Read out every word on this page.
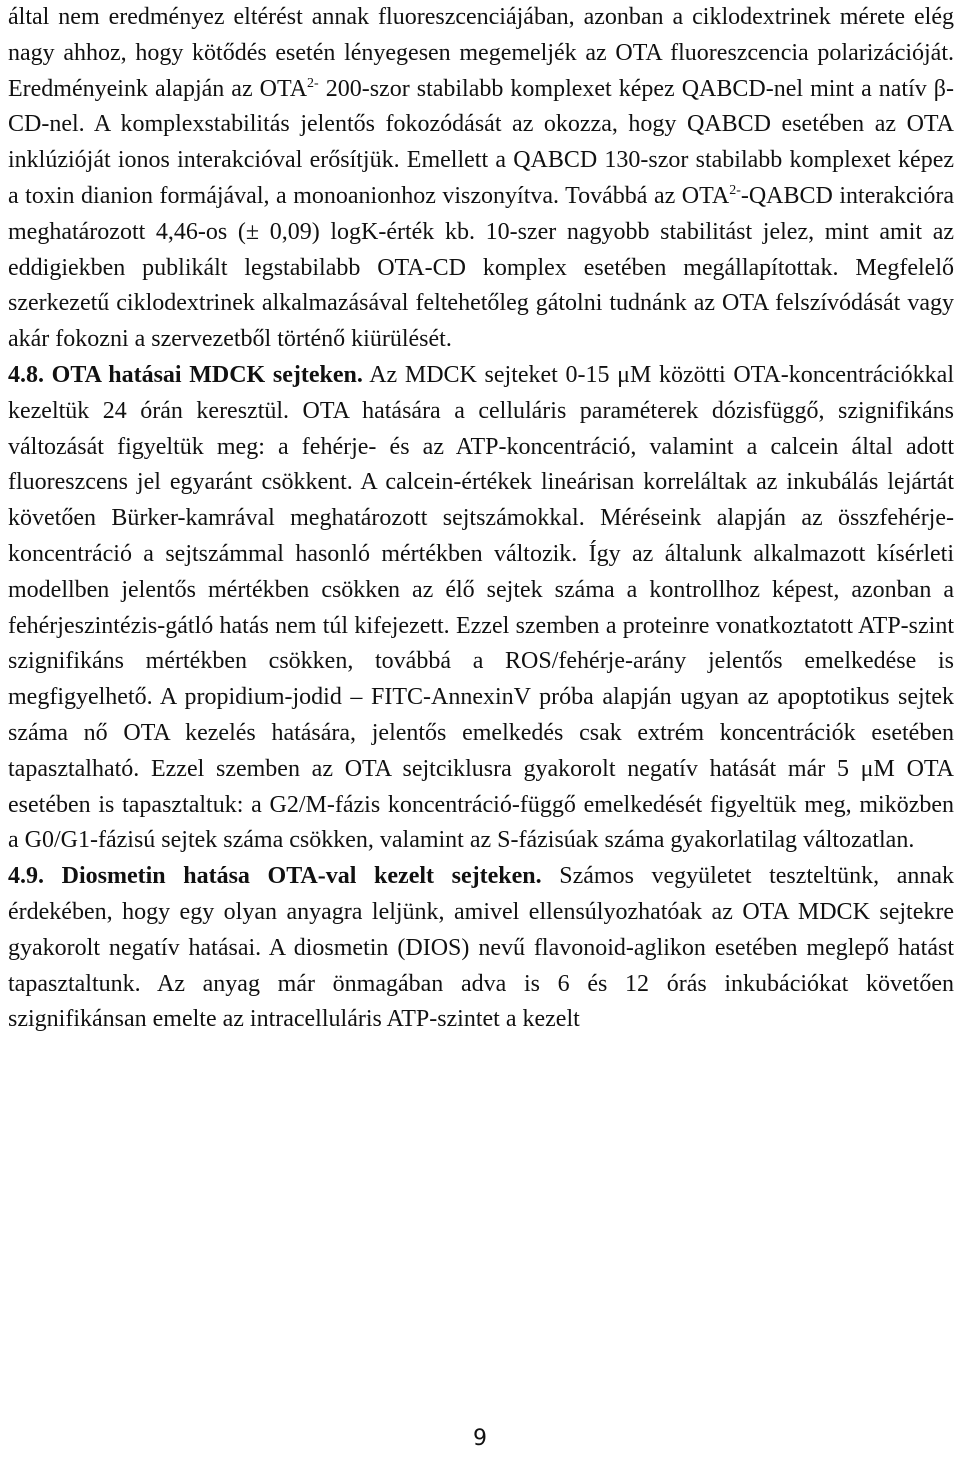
által nem eredményez eltérést annak fluoreszcenciájában, azonban a ciklodextrinek mérete elég nagy ahhoz, hogy kötődés esetén lényegesen megemeljék az OTA fluoreszcencia polarizációját. Eredményeink alapján az $OTA^{2-}$ 200-szor stabilabb komplexet képez QABCD-nel mint a natív β-CD-nel. A komplexstabilitás jelentős fokozódását az okozza, hogy QABCD esetében az OTA inklúzióját ionos interakcióval erősítjük. Emellett a QABCD 130-szor stabilabb komplexet képez a toxin dianion formájával, a monoanionhoz viszonyítva. Továbbá az $OTA^{2-}$-QABCD interakcióra meghatározott 4,46-os (± 0,09) logK-érték kb. 10-szer nagyobb stabilitást jelez, mint amit az eddigiekben publikált legstabilabb OTA-CD komplex esetében megállapítottak. Megfelelő szerkezetű ciklodextrinek alkalmazásával feltehetőleg gátolni tudnánk az OTA felszívódását vagy akár fokozni a szervezetből történő kiürülését.

4.8. OTA hatásai MDCK sejteken. Az MDCK sejteket 0-15 μM közötti OTA-koncentrációkkal kezeltük 24 órán keresztül. OTA hatására a celluláris paraméterek dózisfüggő, szignifikáns változását figyeltük meg: a fehérje- és az ATP-koncentráció, valamint a calcein által adott fluoreszcens jel egyaránt csökkent. A calcein-értékek lineárisan korreláltak az inkubálás lejártát követően Bürker-kamrával meghatározott sejtszámokkal. Méréseink alapján az összfehérje-koncentráció a sejtszámmal hasonló mértékben változik. Így az általunk alkalmazott kísérleti modellben jelentős mértékben csökken az élő sejtek száma a kontrollhoz képest, azonban a fehérjeszintézis-gátló hatás nem túl kifejezett. Ezzel szemben a proteinre vonatkoztatott ATP-szint szignifikáns mértékben csökken, továbbá a ROS/fehérje-arány jelentős emelkedése is megfigyelhető. A propidium-jodid – FITC-AnnexinV próba alapján ugyan az apoptotikus sejtek száma nő OTA kezelés hatására, jelentős emelkedés csak extrém koncentrációk esetében tapasztalható. Ezzel szemben az OTA sejtciklusra gyakorolt negatív hatását már 5 μM OTA esetében is tapasztaltuk: a G2/M-fázis koncentráció-függő emelkedését figyeltük meg, miközben a G0/G1-fázisú sejtek száma csökken, valamint az S-fázisúak száma gyakorlatilag változatlan.

4.9. Diosmetin hatása OTA-val kezelt sejteken. Számos vegyületet teszteltünk, annak érdekében, hogy egy olyan anyagra leljünk, amivel ellensúlyozhatóak az OTA MDCK sejtekre gyakorolt negatív hatásai. A diosmetin (DIOS) nevű flavonoid-aglikon esetében meglepő hatást tapasztaltunk. Az anyag már önmagában adva is 6 és 12 órás inkubációkat követően szignifikánsan emelte az intracelluláris ATP-szintet a kezelt

9
